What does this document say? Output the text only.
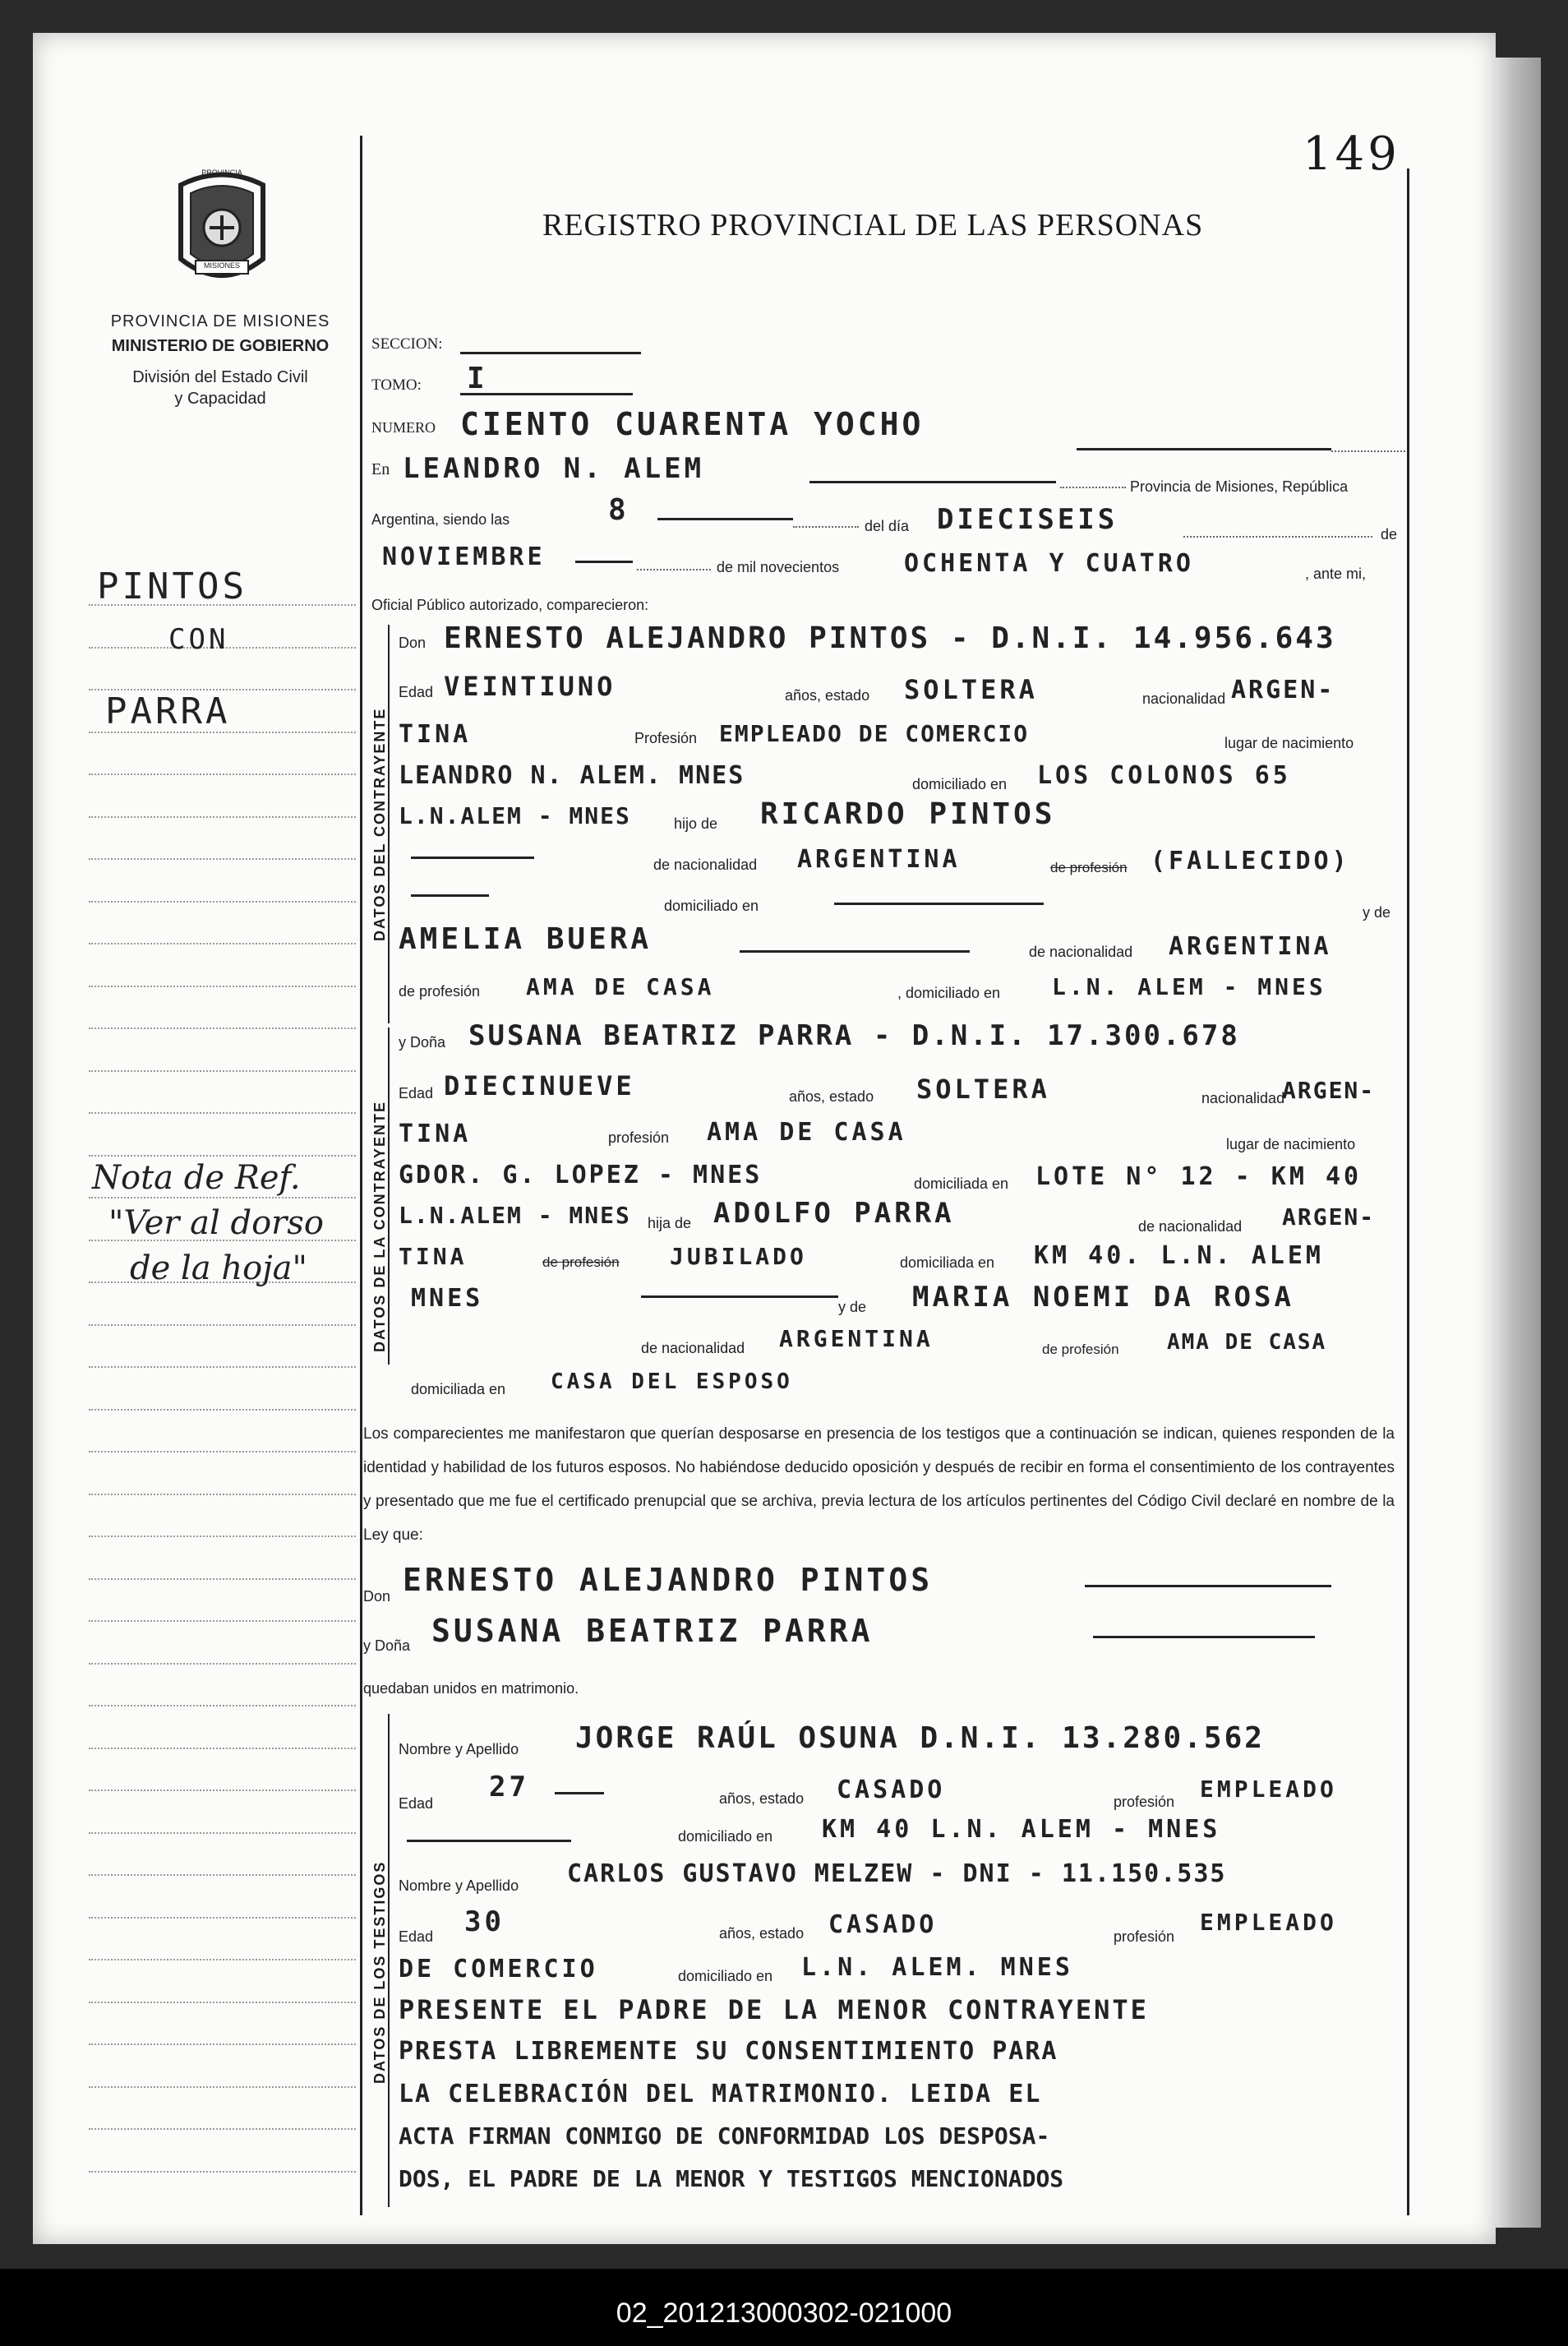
149
PROVINCIA
MISIONES
PROVINCIA DE MISIONES
MINISTERIO DE GOBIERNO
División del Estado Civil
y Capacidad
REGISTRO PROVINCIAL DE LAS PERSONAS
PINTOS
CON
PARRA
Nota de Ref.
"Ver al dorso
de la hoja"
SECCION:
TOMO: I
NUMERO CIENTO CUARENTA YOCHO
En LEANDRO N. ALEM
Provincia de Misiones, República
Argentina, siendo las	8	del día DIECISEIS	de
NOVIEMBRE	de mil novecientos	OCHENTA Y CUATRO	, ante mi,
Oficial Público autorizado, comparecieron:
DATOS DEL CONTRAYENTE
Don ERNESTO ALEJANDRO PINTOS - D.N.I. 14.956.643
Edad VEINTIUNO	años, estado SOLTERA	nacionalidad ARGEN-
TINA	Profesión EMPLEADO DE COMERCIO	lugar de nacimiento
LEANDRO N. ALEM. MNES	domiciliado en LOS COLONOS 65
L.N.ALEM - MNES	hijo de RICARDO PINTOS
de nacionalidad ARGENTINA	de profesión (FALLECIDO)
domiciliado en	y de
AMELIA BUERA	de nacionalidad ARGENTINA
de profesión AMA DE CASA	, domiciliado en L.N. ALEM - MNES
DATOS DE LA CONTRAYENTE
y Doña SUSANA BEATRIZ PARRA - D.N.I. 17.300.678
Edad DIECINUEVE	años, estado SOLTERA	nacionalidad
ARGEN-
TINA	profesión AMA DE CASA	lugar de nacimiento
GDOR. G. LOPEZ - MNES	domiciliada en LOTE N° 12 - KM 40
L.N.ALEM - MNES hija de ADOLFO PARRA	de nacionalidad ARGEN-
TINA	de profesión JUBILADO	domiciliada en KM 40. L.N. ALEM
MNES	y de MARIA NOEMI DA ROSA
de nacionalidad ARGENTINA	de profesión AMA DE CASA
domiciliada en CASA DEL ESPOSO
Los comparecientes me manifestaron que querían desposarse en presencia de los testigos que a continuación se indican, quienes responden de la identidad y habilidad de los futuros esposos. No habiéndose deducido oposición y después de recibir en forma el consentimiento de los contrayentes y presentado que me fue el certificado prenupcial que se archiva, previa lectura de los artículos pertinentes del Código Civil declaré en nombre de la Ley que:
Don ERNESTO ALEJANDRO PINTOS
y Doña SUSANA BEATRIZ PARRA
quedaban unidos en matrimonio.
DATOS DE LOS TESTIGOS
Nombre y Apellido JORGE RAÚL OSUNA D.N.I. 13.280.562
Edad 27	años, estado CASADO	profesión EMPLEADO
domiciliado en KM 40 L.N. ALEM - MNES
Nombre y Apellido CARLOS GUSTAVO MELZEW - DNI - 11.150.535
Edad 30	años, estado CASADO	profesión
EMPLEADO
DE COMERCIO	domiciliado en L.N. ALEM. MNES
PRESENTE EL PADRE DE LA MENOR CONTRAYENTE
PRESTA LIBREMENTE SU CONSENTIMIENTO PARA
LA CELEBRACIÓN DEL MATRIMONIO. LEIDA EL
ACTA FIRMAN CONMIGO DE CONFORMIDAD LOS DESPOSA-
DOS, EL PADRE DE LA MENOR Y TESTIGOS MENCIONADOS
02_201213000302-021000
